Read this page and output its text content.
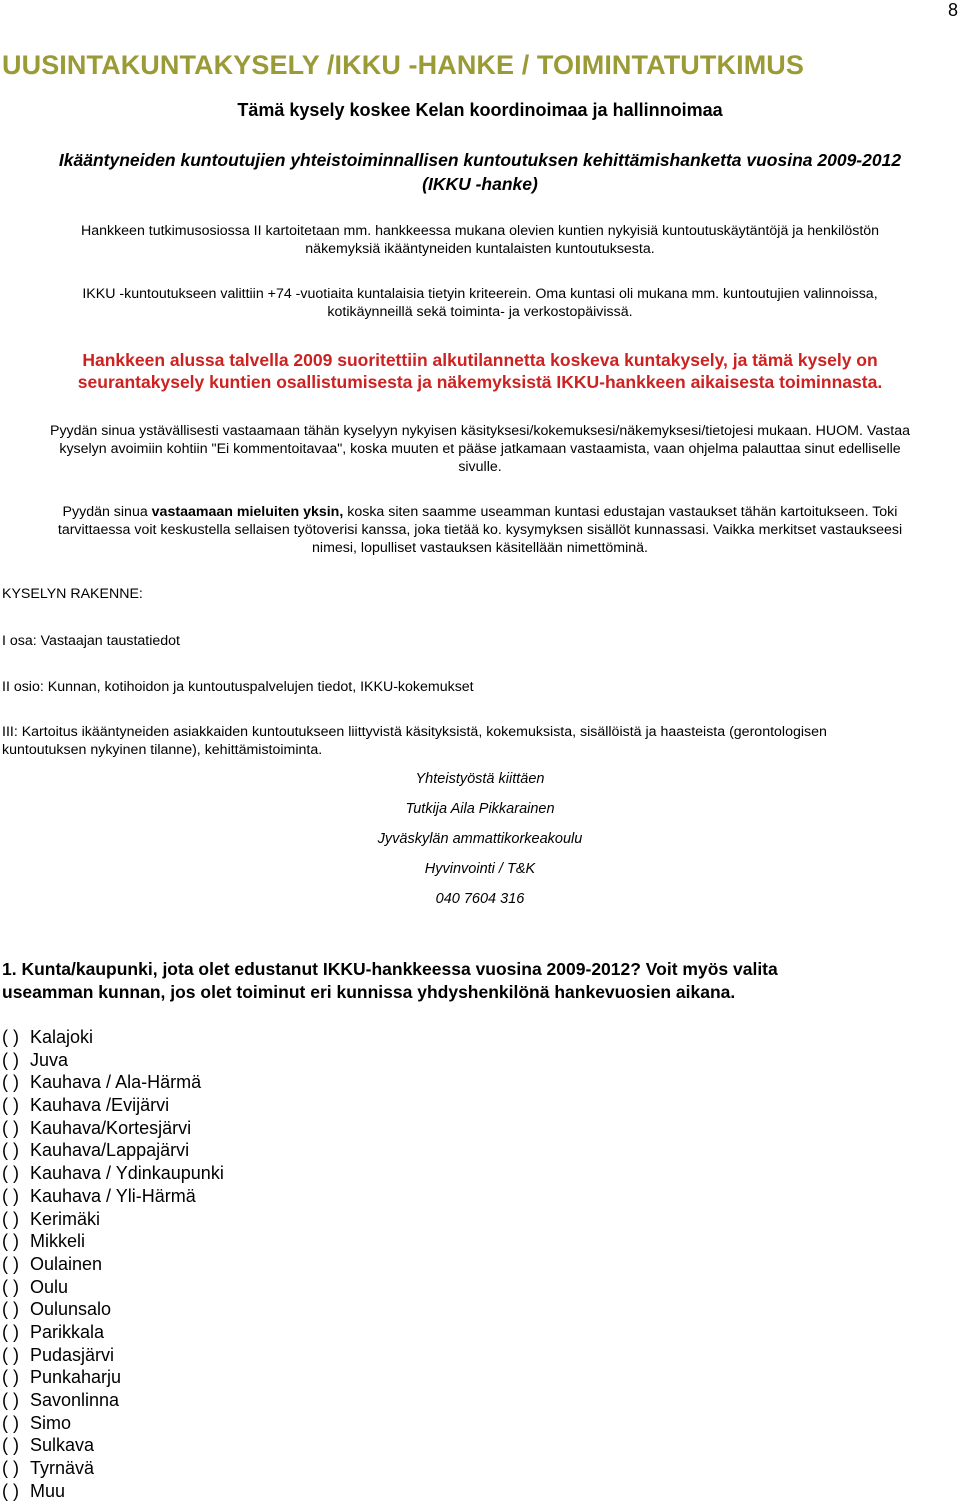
8
UUSINTAKUNTAKYSELY /IKKU -HANKE / TOIMINTATUTKIMUS
Tämä kysely koskee Kelan koordinoimaa ja hallinnoimaa
Ikääntyneiden kuntoutujien yhteistoiminnallisen kuntoutuksen kehittämishanketta vuosina 2009-2012
(IKKU -hanke)
Hankkeen tutkimusosiossa II kartoitetaan mm. hankkeessa mukana olevien kuntien nykyisiä kuntoutuskäytäntöjä ja henkilöstön
näkemyksiä ikääntyneiden kuntalaisten kuntoutuksesta.
IKKU -kuntoutukseen valittiin +74 -vuotiaita kuntalaisia tietyin kriteerein. Oma kuntasi oli mukana mm. kuntoutujien valinnoissa,
kotikäynneillä sekä toiminta- ja verkostopäivissä.
Hankkeen alussa talvella 2009 suoritettiin alkutilannetta koskeva kuntakysely, ja tämä kysely on
seurantakysely kuntien osallistumisesta ja näkemyksistä IKKU-hankkeen aikaisesta toiminnasta.
Pyydän sinua ystävällisesti vastaamaan tähän kyselyyn nykyisen käsityksesi/kokemuksesi/näkemyksesi/tietojesi mukaan. HUOM. Vastaa
kyselyn avoimiin kohtiin "Ei kommentoitavaa", koska muuten et pääse jatkamaan vastaamista, vaan ohjelma palauttaa sinut edelliselle
sivulle.
Pyydän sinua vastaamaan mieluiten yksin, koska siten saamme useamman kuntasi edustajan vastaukset tähän kartoitukseen. Toki
tarvittaessa voit keskustella sellaisen työtoverisi kanssa, joka tietää ko. kysymyksen sisällöt kunnassasi. Vaikka merkitset vastaukseesi
nimesi, lopulliset vastauksen käsitellään nimettöminä.
KYSELYN RAKENNE:
I osa: Vastaajan taustatiedot
II osio: Kunnan, kotihoidon ja kuntoutuspalvelujen tiedot, IKKU-kokemukset
III: Kartoitus ikääntyneiden asiakkaiden kuntoutukseen liittyvistä käsityksistä, kokemuksista, sisällöistä ja haasteista (gerontologisen
kuntoutuksen nykyinen tilanne), kehittämistoiminta.
Yhteistyöstä kiittäen
Tutkija Aila Pikkarainen
Jyväskylän ammattikorkeakoulu
Hyvinvointi / T&K
040 7604 316
1. Kunta/kaupunki, jota olet edustanut IKKU-hankkeessa vuosina 2009-2012? Voit myös valita
useamman kunnan, jos olet toiminut eri kunnissa yhdyshenkilönä hankevuosien aikana.
( ) Kalajoki
( ) Juva
( ) Kauhava / Ala-Härmä
( ) Kauhava /Evijärvi
( ) Kauhava/Kortesjärvi
( ) Kauhava/Lappajärvi
( ) Kauhava / Ydinkaupunki
( ) Kauhava / Yli-Härmä
( ) Kerimäki
( ) Mikkeli
( ) Oulainen
( ) Oulu
( ) Oulunsalo
( ) Parikkala
( ) Pudasjärvi
( ) Punkaharju
( ) Savonlinna
( ) Simo
( ) Sulkava
( ) Tyrnävä
( ) Muu
